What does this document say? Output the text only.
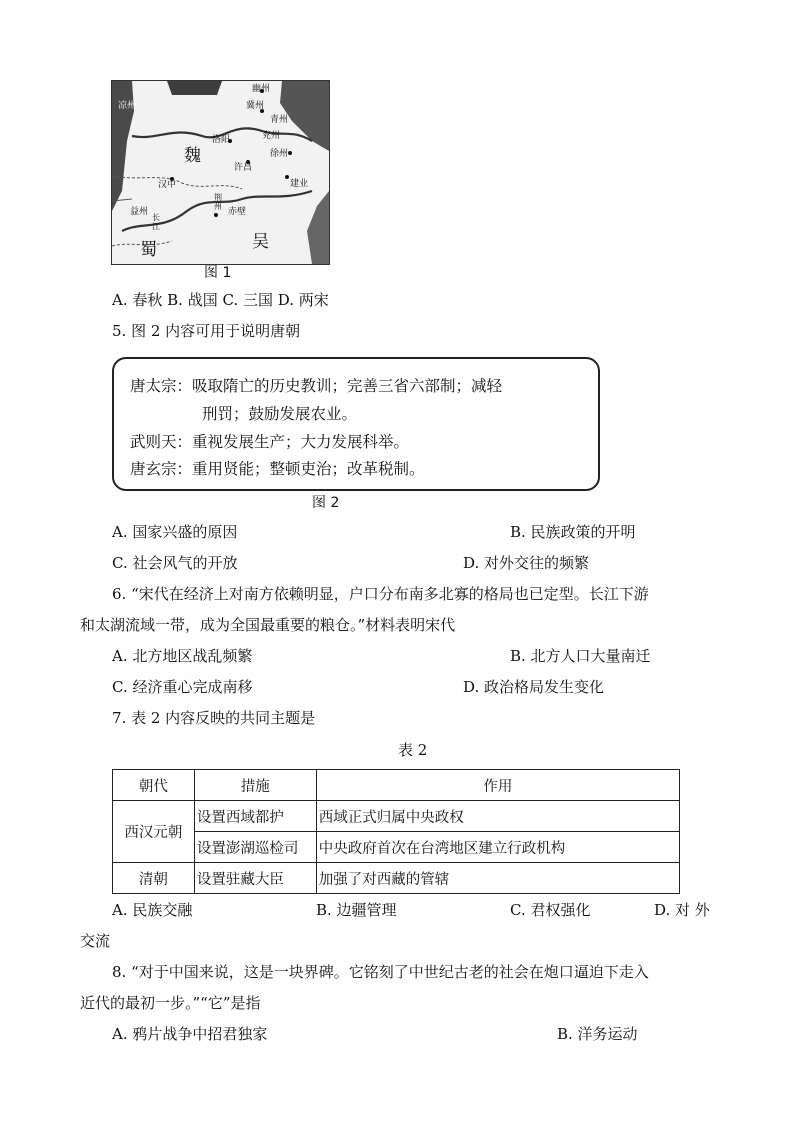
凉州	冀州
幽州
青州
兖州
徐州
洛阳
许昌
汉中
益州
荆州
赤壁
建业
长江
魏
蜀	吴
图 1
A. 春秋 B. 战国 C. 三国 D. 两宋
5. 图 2 内容可用于说明唐朝
唐太宗：吸取隋亡的历史教训；完善三省六部制；减轻
刑罚；鼓励发展农业。
武则天：重视发展生产；大力发展科举。
唐玄宗：重用贤能；整顿吏治；改革税制。
图 2
A. 国家兴盛的原因	B. 民族政策的开明
C. 社会风气的开放	D. 对外交往的频繁
6. “宋代在经济上对南方依赖明显，户口分布南多北寡的格局也已定型。长江下游
和太湖流域一带，成为全国最重要的粮仓。”材料表明宋代
A. 北方地区战乱频繁	B. 北方人口大量南迁
C. 经济重心完成南移	D. 政治格局发生变化
7. 表 2 内容反映的共同主题是
表 2
朝代	措施	作用
西汉元朝	设置西域都护	西域正式归属中央政权
	设置澎湖巡检司	中央政府首次在台湾地区建立行政机构
清朝	设置驻藏大臣	加强了对西藏的管辖
A. 民族交融	B. 边疆管理	C. 君权强化	D. 对 外
交流
8. “对于中国来说，这是一块界碑。它铭刻了中世纪古老的社会在炮口逼迫下走入
近代的最初一步。”“它”是指
A. 鸦片战争中招君独家	B. 洋务运动
